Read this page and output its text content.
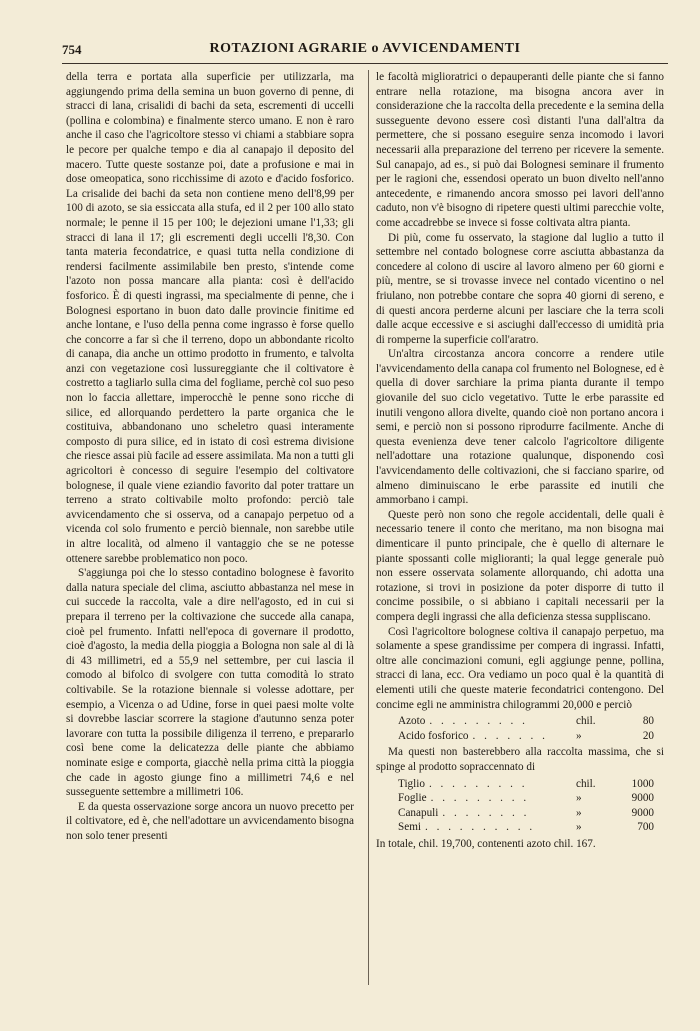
754	ROTAZIONI AGRARIE o AVVICENDAMENTI

della terra e portata alla superficie per utilizzarla, ma aggiungendo prima della semina un buon governo di penne, di stracci di lana, crisalidi di bachi da seta, escrementi di uccelli (pollina e colombina) e finalmente sterco umano. E non è raro anche il caso che l'agricoltore stesso vi chiami a stabbiare sopra le pecore per qualche tempo e dia al canapajo il deposito del macero. Tutte queste sostanze poi, date a profusione e mai in dose omeopatica, sono ricchissime di azoto e d'acido fosforico. La crisalide dei bachi da seta non contiene meno dell'8,99 per 100 di azoto, se sia essiccata alla stufa, ed il 2 per 100 allo stato normale; le penne il 15 per 100; le dejezioni umane l'1,33; gli stracci di lana il 17; gli escrementi degli uccelli l'8,30. Con tanta materia fecondatrice, e quasi tutta nella condizione di rendersi facilmente assimilabile ben presto, s'intende come l'azoto non possa mancare alla pianta: così è dell'acido fosforico. È di questi ingrassi, ma specialmente di penne, che i Bolognesi esportano in buon dato dalle provincie finitime ed anche lontane, e l'uso della penna come ingrasso è forse quello che concorre a far sì che il terreno, dopo un abbondante ricolto di canapa, dia anche un ottimo prodotto in frumento, e talvolta anzi con vegetazione così lussureggiante che il coltivatore è costretto a tagliarlo sulla cima del fogliame, perchè col suo peso non lo faccia allettare, imperocchè le penne sono ricche di silice, ed allorquando perdettero la parte organica che le costituiva, abbandonano uno scheletro quasi interamente composto di pura silice, ed in istato di così estrema divisione che riesce assai più facile ad essere assimilata. Ma non a tutti gli agricoltori è concesso di seguire l'esempio del coltivatore bolognese, il quale viene eziandio favorito dal poter trattare un terreno a strato coltivabile molto profondo: perciò tale avvicendamento che si osserva, od a canapajo perpetuo od a vicenda col solo frumento e perciò biennale, non sarebbe utile in altre località, od almeno il vantaggio che se ne potesse ottenere sarebbe problematico non poco.

S'aggiunga poi che lo stesso contadino bolognese è favorito dalla natura speciale del clima, asciutto abbastanza nel mese in cui succede la raccolta, vale a dire nell'agosto, ed in cui si prepara il terreno per la coltivazione che succede alla canapa, cioè pel frumento. Infatti nell'epoca di governare il prodotto, cioè d'agosto, la media della pioggia a Bologna non sale al di là di 43 millimetri, ed a 55,9 nel settembre, per cui lascia il comodo al bifolco di svolgere con tutta comodità lo strato coltivabile. Se la rotazione biennale si volesse adottare, per esempio, a Vicenza o ad Udine, forse in quei paesi molte volte si dovrebbe lasciar scorrere la stagione d'autunno senza poter lavorare con tutta la possibile diligenza il terreno, e prepararlo così bene come la delicatezza delle piante che abbiamo nominate esige e comporta, giacchè nella prima città la pioggia che cade in agosto giunge fino a millimetri 74,6 e nel susseguente settembre a millimetri 106.

E da questa osservazione sorge ancora un nuovo precetto per il coltivatore, ed è, che nell'adottare un avvicendamento bisogna non solo tener presenti

le facoltà miglioratrici o depauperanti delle piante che si fanno entrare nella rotazione, ma bisogna ancora aver in considerazione che la raccolta della precedente e la semina della susseguente devono essere così distanti l'una dall'altra da permettere, che si possano eseguire senza incomodo i lavori necessarii alla preparazione del terreno per ricevere la semente. Sul canapajo, ad es., si può dai Bolognesi seminare il frumento per le ragioni che, essendosi operato un buon divelto nell'anno antecedente, e rimanendo ancora smosso pei lavori dell'anno caduto, non v'è bisogno di ripetere questi ultimi parecchie volte, come accadrebbe se invece si fosse coltivata altra pianta.

Di più, come fu osservato, la stagione dal luglio a tutto il settembre nel contado bolognese corre asciutta abbastanza da concedere al colono di uscire al lavoro almeno per 60 giorni e più, mentre, se si trovasse invece nel contado vicentino o nel friulano, non potrebbe contare che sopra 40 giorni di sereno, e di questi ancora perderne alcuni per lasciare che la terra scoli dalle acque eccessive e si asciughi dall'eccesso di umidità pria di romperne la superficie coll'aratro.

Un'altra circostanza ancora concorre a rendere utile l'avvicendamento della canapa col frumento nel Bolognese, ed è quella di dover sarchiare la prima pianta durante il tempo giovanile del suo ciclo vegetativo. Tutte le erbe parassite ed inutili vengono allora divelte, quando cioè non portano ancora i semi, e perciò non si possono riprodurre facilmente. Anche di questa evenienza deve tener calcolo l'agricoltore diligente nell'adottare una rotazione qualunque, disponendo così l'avvicendamento delle coltivazioni, che si facciano sparire, od almeno diminuiscano le erbe parassite ed inutili che ammorbano i campi.

Queste però non sono che regole accidentali, delle quali è necessario tenere il conto che meritano, ma non bisogna mai dimenticare il punto principale, che è quello di alternare le piante spossanti colle miglioranti; la qual legge generale può non essere osservata solamente allorquando, chi adotta una rotazione, si trovi in posizione da poter disporre di tutto il concime possibile, o si abbiano i capitali necessarii per la compera degli ingrassi che alla deficienza stessa suppliscano.

Così l'agricoltore bolognese coltiva il canapajo perpetuo, ma solamente a spese grandissime per compera di ingrassi. Infatti, oltre alle concimazioni comuni, egli aggiunge penne, pollina, stracci di lana, ecc. Ora vediamo un poco qual è la quantità di elementi utili che queste materie fecondatrici contengono. Del concime egli ne amministra chilogrammi 20,000 e perciò

Azoto . . . . . . . . .	chil.	80
Acido fosforico . . . . . . .	»	20

Ma questi non basterebbero alla raccolta massima, che si spinge al prodotto sopraccennato di

Tiglio . . . . . . . . .	chil.	1000
Foglie . . . . . . . . .	»	9000
Canapuli . . . . . . . .	»	9000
Semi . . . . . . . . . .	»	700

In totale, chil. 19,700, contenenti azoto chil. 167.
